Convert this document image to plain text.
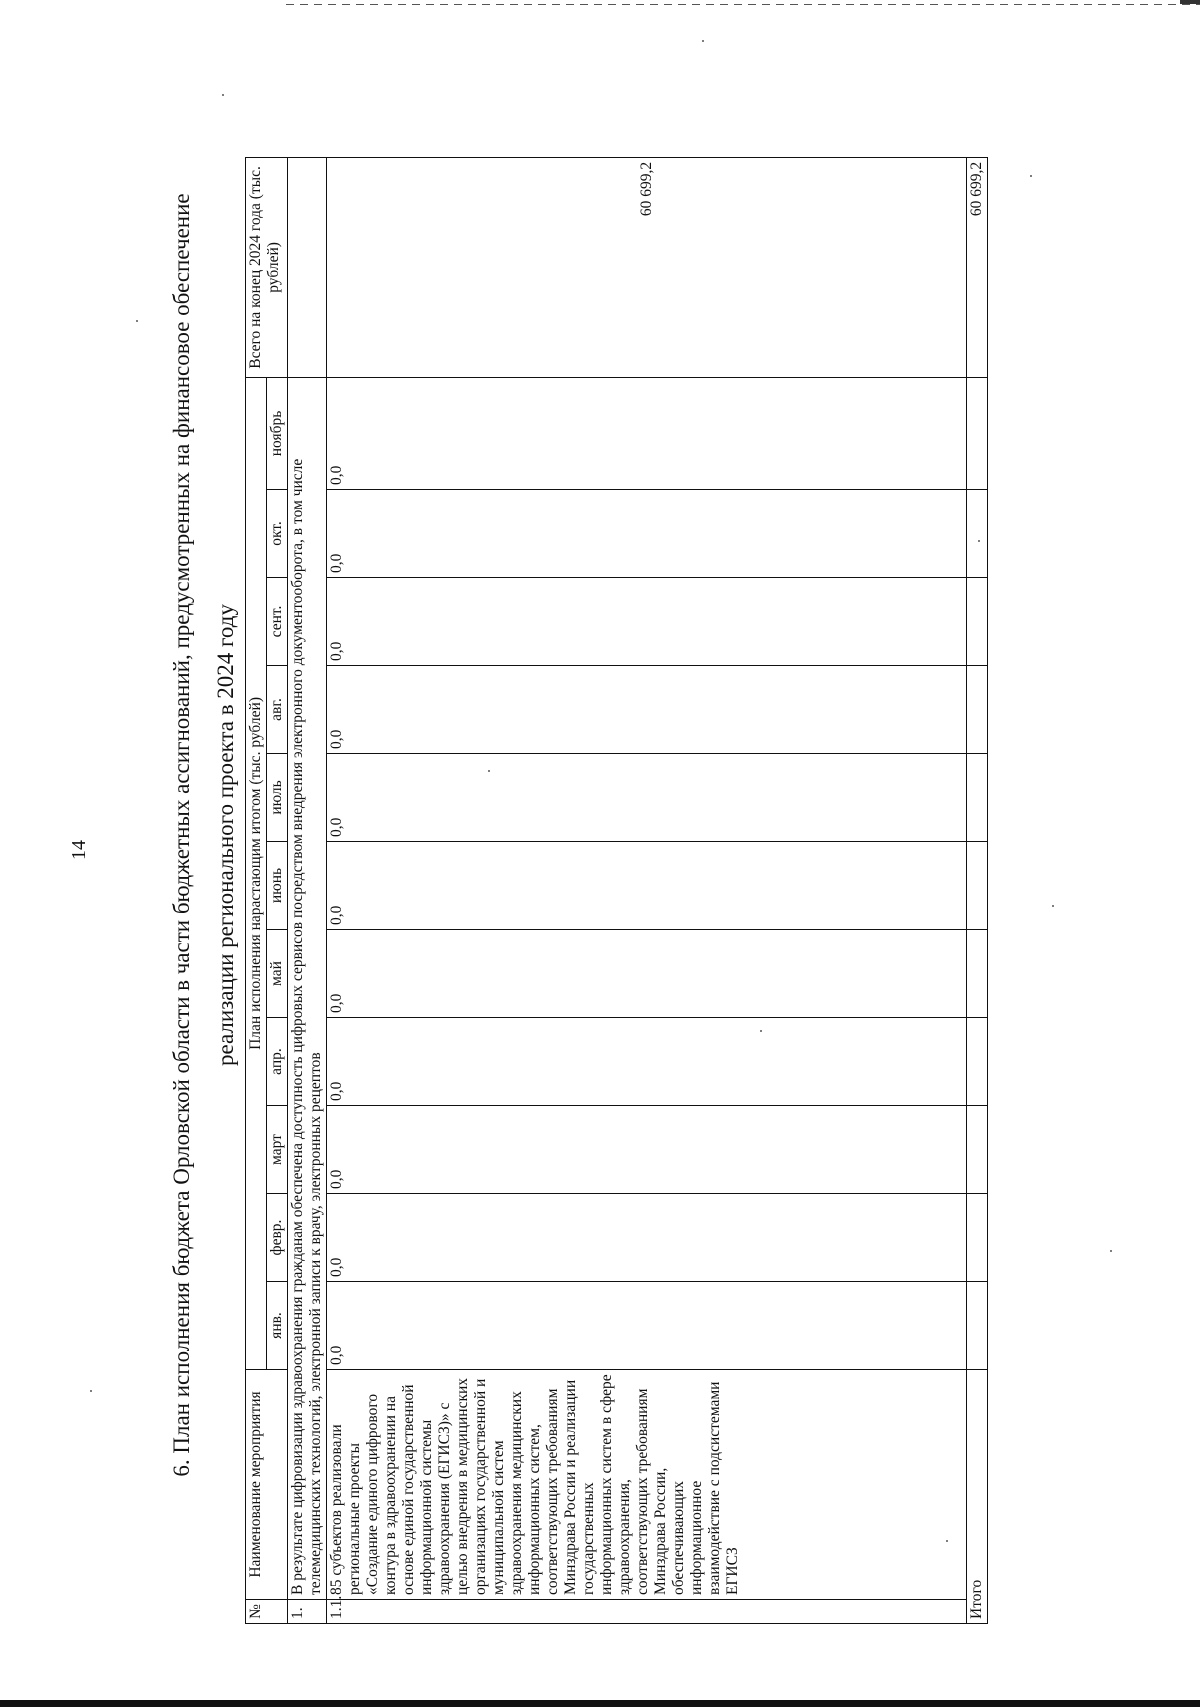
14	6. План исполнения бюджета Орловской области в части бюджетных ассигнований, предусмотренных на финансовое обеспечение реализации регионального проекта в 2024 году
№	Наименование мероприятия	План исполнения нарастающим итогом (тыс. рублей)											Всего на конец 2024 года (тыс. рублей)
		янв.	февр.	март	апр.	май	июнь	июль	авг.	сент.	окт.	ноябрь	
1.	В результате цифровизации здравоохранения гражданам обеспечена доступность цифровых сервисов посредством внедрения электронного документооборота, в том числе телемедицинских технологий, электронной записи к врачу, электронных рецептов												
1.1.	85 субъектов реализовали региональные проекты «Создание единого цифрового контура в здравоохранении на основе единой государственной информационной системы здравоохранения (ЕГИСЗ)» с целью внедрения в медицинских организациях государственной и муниципальной систем здравоохранения медицинских информационных систем, соответствующих требованиям Минздрава России и реализации государственных информационных систем в сфере здравоохранения, соответствующих требованиям Минздрава России, обеспечивающих информационное взаимодействие с подсистемами ЕГИСЗ	0,0	0,0	0,0	0,0	0,0	0,0	0,0	0,0	0,0	0,0	0,0	60 699,2
Итого													60 699,2
